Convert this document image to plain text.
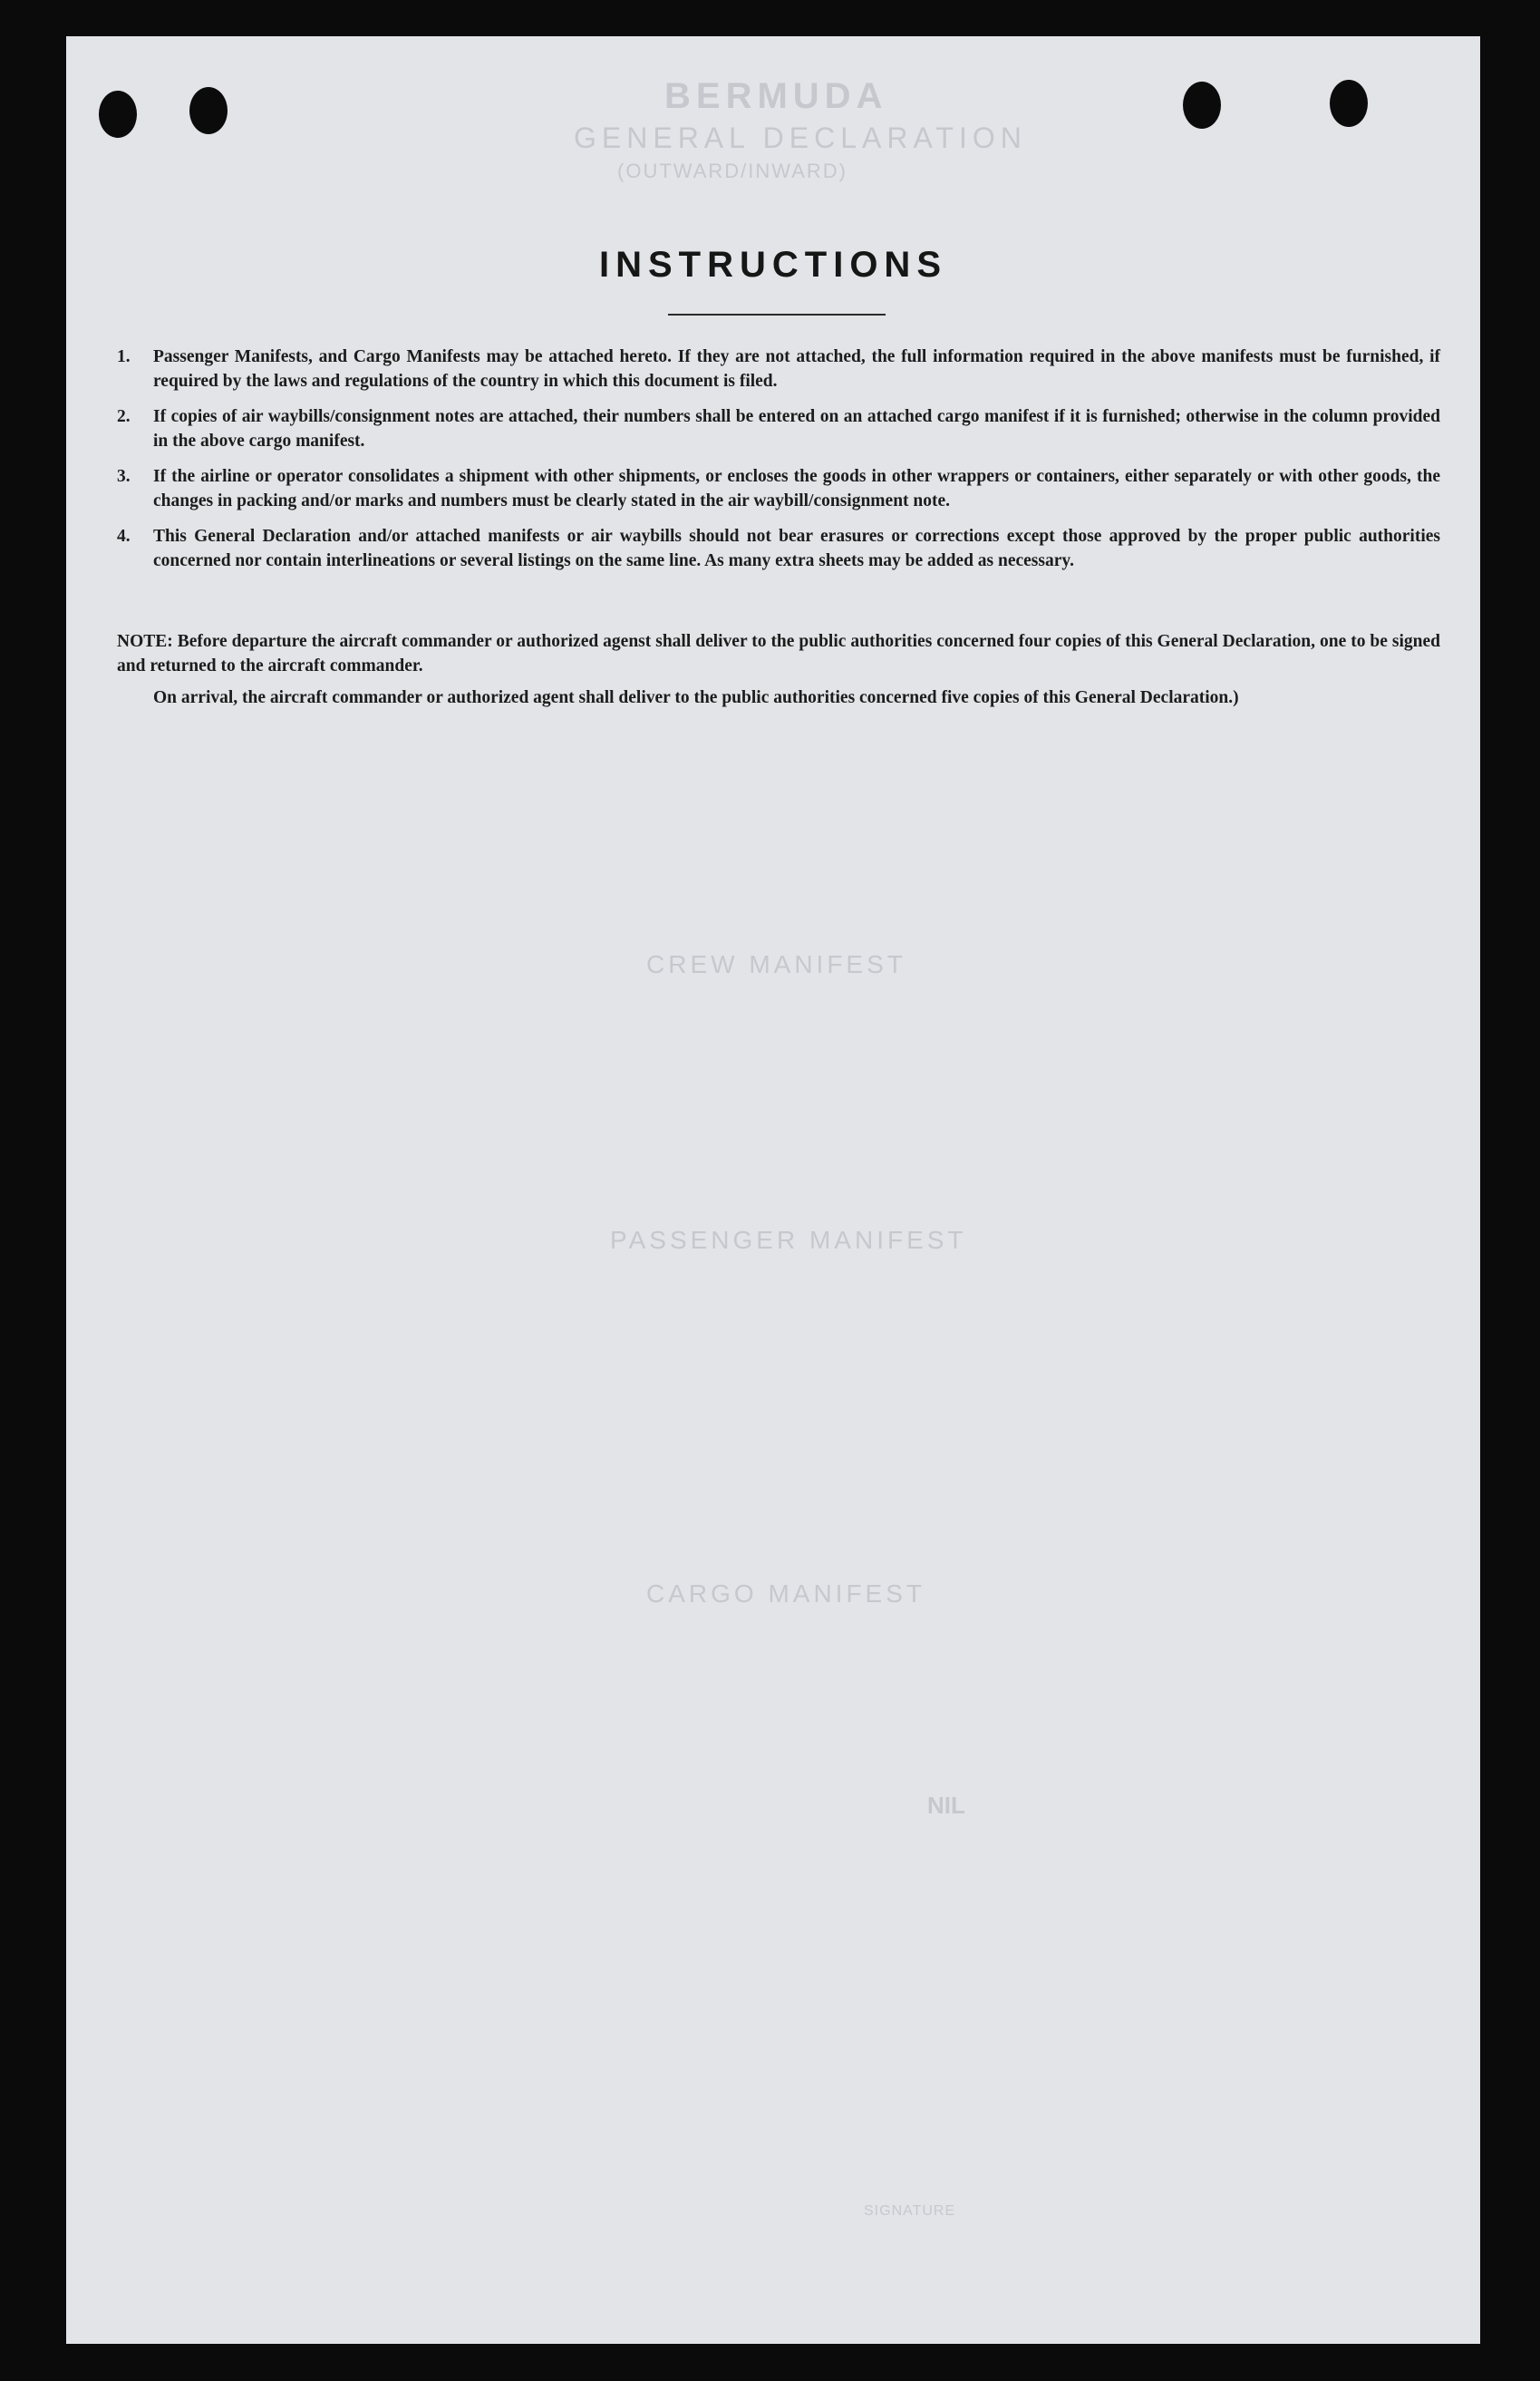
BERMUDA
GENERAL DECLARATION
(OUTWARD/INWARD)
CREW MANIFEST
PASSENGER MANIFEST
CARGO MANIFEST
NIL
SIGNATURE
INSTRUCTIONS
1.	Passenger Manifests, and Cargo Manifests may be attached hereto. If they are not attached, the full information required in the above manifests must be furnished, if required by the laws and regulations of the country in which this document is filed.
2.	If copies of air waybills/consignment notes are attached, their numbers shall be entered on an attached cargo manifest if it is furnished; otherwise in the column provided in the above cargo manifest.
3.	If the airline or operator consolidates a shipment with other shipments, or encloses the goods in other wrappers or containers, either separately or with other goods, the changes in packing and/or marks and numbers must be clearly stated in the air waybill/consignment note.
4.	This General Declaration and/or attached manifests or air waybills should not bear erasures or corrections except those approved by the proper public authorities concerned nor contain interlineations or several listings on the same line. As many extra sheets may be added as necessary.

NOTE: Before departure the aircraft commander or authorized agenst shall deliver to the public authorities concerned four copies of this General Declaration, one to be signed and returned to the aircraft commander.

On arrival, the aircraft commander or authorized agent shall deliver to the public authorities concerned five copies of this General Declaration.)
